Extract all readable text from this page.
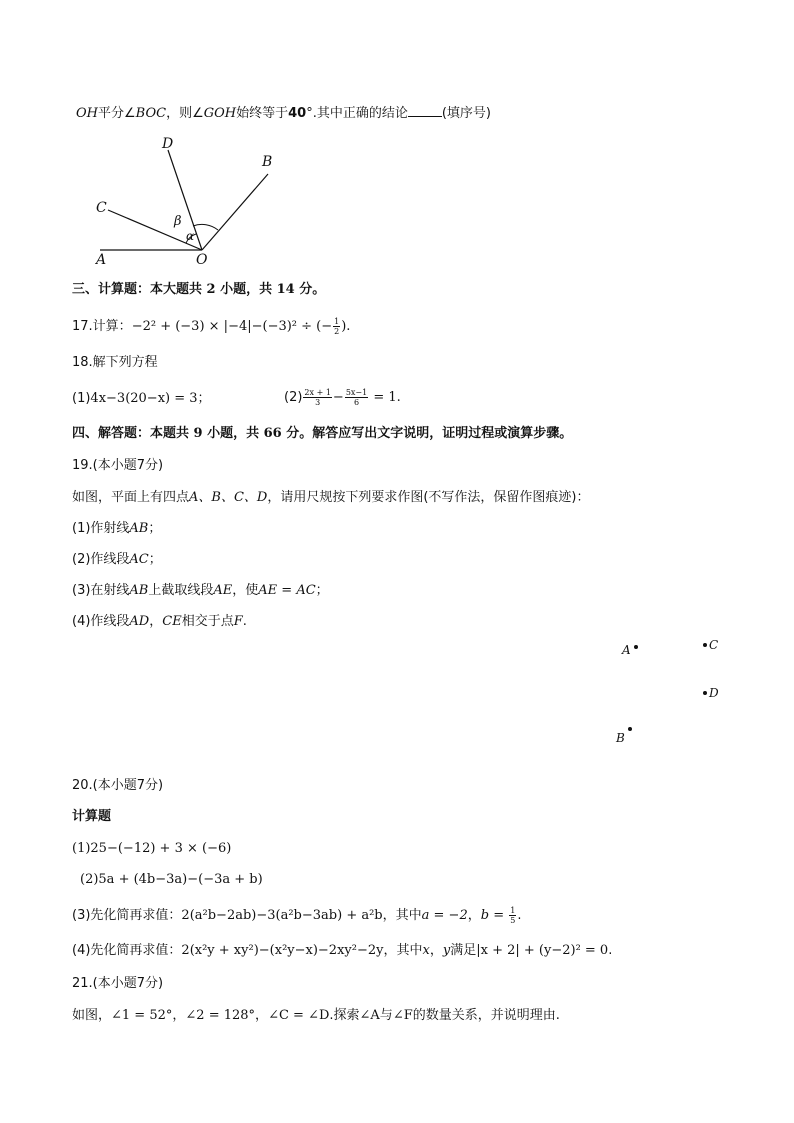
OH平分∠BOC，则∠GOH始终等于40°.其中正确的结论	(填序号)
D
B
C
A	O
β
α
三、计算题：本大题共 2 小题，共 14 分。
17.计算：−2² + (−3) × |−4|−(−3)² ÷ (− $\frac{1}{2}$ ).
18.解下列方程
(1)4x−3(20−x) = 3；	$(2) \frac{2x + 1}{3} - \frac{5x-1}{6} = 1$.
四、解答题：本题共 9 小题，共 66 分。解答应写出文字说明，证明过程或演算步骤。
19.(本小题7分)
如图，平面上有四点A、B、C、D，请用尺规按下列要求作图(不写作法，保留作图痕迹)：
(1)作射线AB；
(2)作线段AC；
(3)在射线AB上截取线段AE，使AE = AC；
(4)作线段AD，CE相交于点F.
A	C
D
B
20.(本小题7分)
计算题
(1)25−(−12) + 3 × (−6)
(2)5a + (4b−3a)−(−3a + b)
(3)先化简再求值：2(a²b−2ab)−3(a²b−3ab) + a²b，其中a = −2，$b = \frac{1}{5}$ .
(4)先化简再求值：2(x²y + xy²)−(x²y−x)−2xy²−2y，其中x，y满足|x + 2| + (y−2)² = 0.
21.(本小题7分)
如图，∠1 = 52°，∠2 = 128°，∠C = ∠D.探索∠A与∠F的数量关系，并说明理由.
